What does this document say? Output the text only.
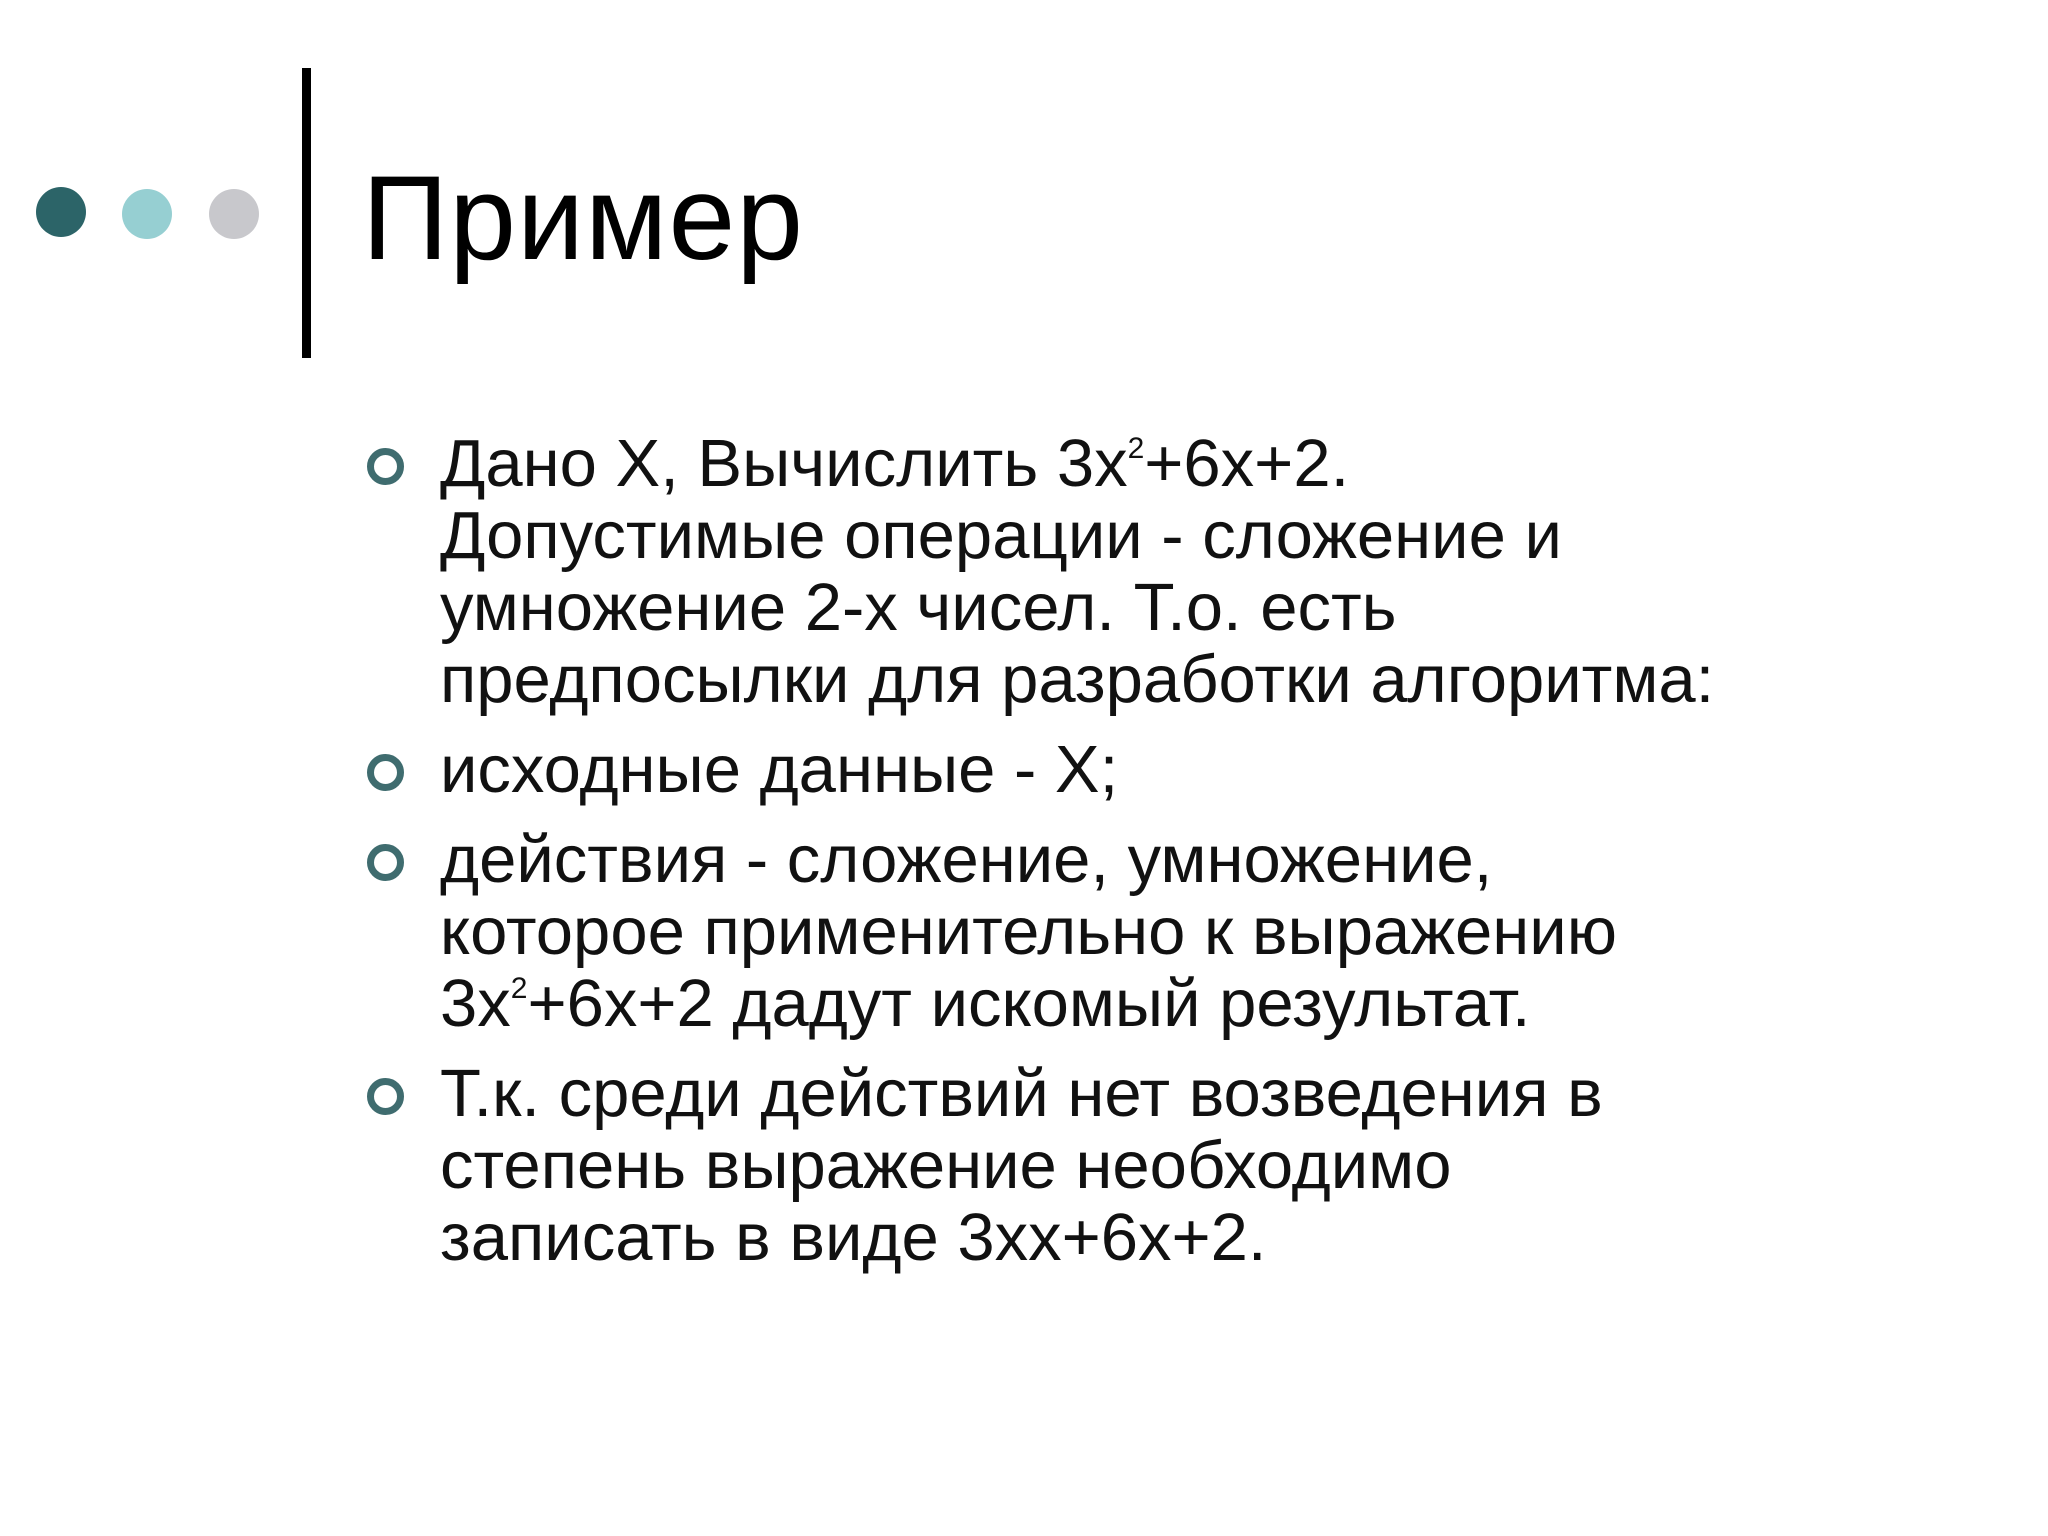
Пример
Дано X, Вычислить $3x^2+6x+2$.
Допустимые операции - сложение и
умножение 2-х чисел. Т.о. есть
предпосылки для разработки алгоритма:
исходные данные - X;
действия - сложение, умножение,
которое применительно к выражению
$3x^2+6x+2$ дадут искомый результат.
Т.к. среди действий нет возведения в
степень выражение необходимо
записать в виде 3xx+6x+2.
